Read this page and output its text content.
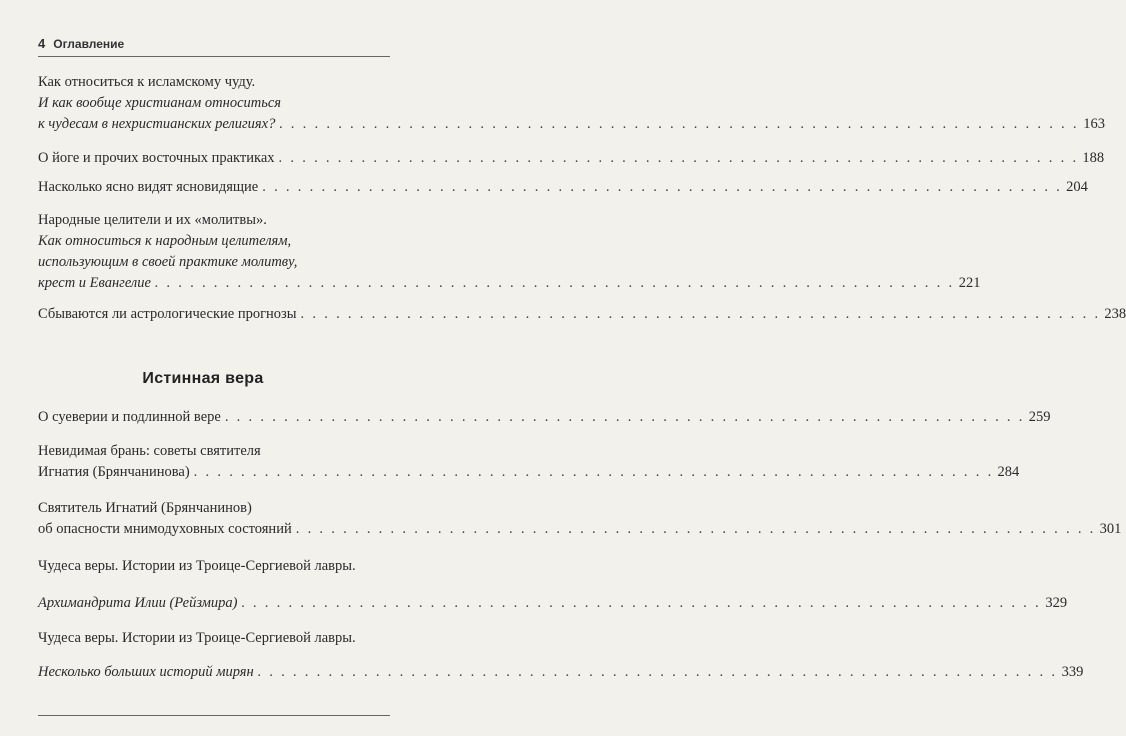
4 Оглавление
Как относиться к исламскому чуду.
И как вообще христианам относиться
к чудесам в нехристианских религиях? . . . . . . . . . . . . . . . . . . . . . . . . . . . . . . . . . . . . . . . . . . . . . . . . . . . . . . . . . . . . . . . . . . . . 163
О йоге и прочих восточных практиках . . . . . . . . . . . . . . . . . . . . . . . . . . . . . . . . . . . . . . . . . . . . . . . . . . . . . . . . . . . . . . . . . . . . 188
Насколько ясно видят ясновидящие . . . . . . . . . . . . . . . . . . . . . . . . . . . . . . . . . . . . . . . . . . . . . . . . . . . . . . . . . . . . . . . . . . . . 204
Народные целители и их «молитвы».
Как относиться к народным целителям,
использующим в своей практике молитву,
крест и Евангелие . . . . . . . . . . . . . . . . . . . . . . . . . . . . . . . . . . . . . . . . . . . . . . . . . . . . . . . . . . . . . . . . . . . . 221
Сбываются ли астрологические прогнозы . . . . . . . . . . . . . . . . . . . . . . . . . . . . . . . . . . . . . . . . . . . . . . . . . . . . . . . . . . . . . . . . . . . . 238
Истинная вера
О суеверии и подлинной вере . . . . . . . . . . . . . . . . . . . . . . . . . . . . . . . . . . . . . . . . . . . . . . . . . . . . . . . . . . . . . . . . . . . . 259
Невидимая брань: советы святителя
Игнатия (Брянчанинова) . . . . . . . . . . . . . . . . . . . . . . . . . . . . . . . . . . . . . . . . . . . . . . . . . . . . . . . . . . . . . . . . . . . . 284
Святитель Игнатий (Брянчанинов)
об опасности мнимодуховных состояний . . . . . . . . . . . . . . . . . . . . . . . . . . . . . . . . . . . . . . . . . . . . . . . . . . . . . . . . . . . . . . . . . . . . 301
Чудеса веры. Истории из Троице-Сергиевой лавры.
Архимандрита Илии (Рейзмира) . . . . . . . . . . . . . . . . . . . . . . . . . . . . . . . . . . . . . . . . . . . . . . . . . . . . . . . . . . . . . . . . . . . . 329
Чудеса веры. Истории из Троице-Сергиевой лавры.
Несколько больших историй мирян . . . . . . . . . . . . . . . . . . . . . . . . . . . . . . . . . . . . . . . . . . . . . . . . . . . . . . . . . . . . . . . . . . . . 339
